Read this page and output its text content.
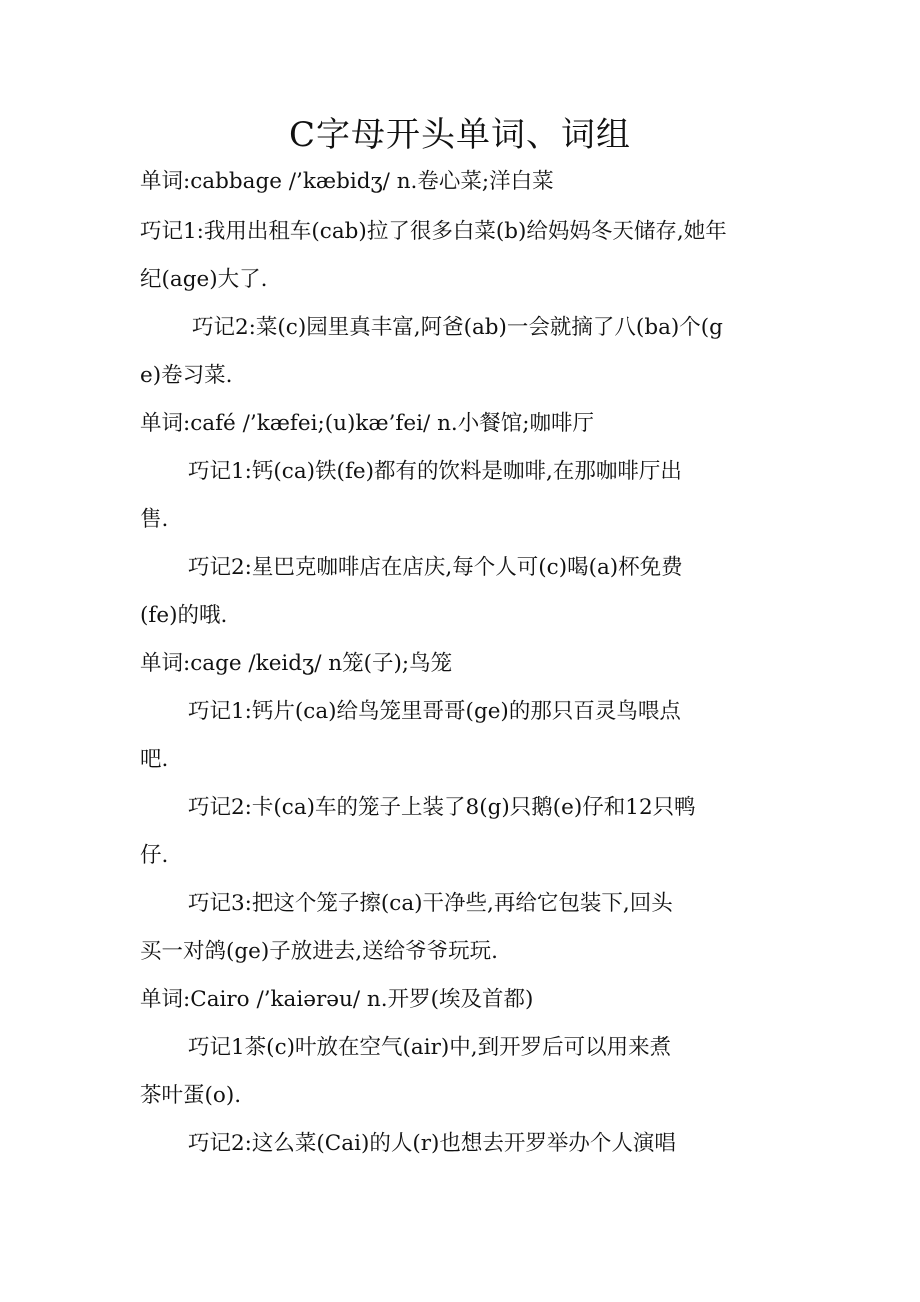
C字母开头单词、词组
单词:cabbage /’kæbidʒ/ n.卷心菜;洋白菜
巧记1:我用出租车(cab)拉了很多白菜(b)给妈妈冬天储存,她年
纪(age)大了.
巧记2:菜(c)园里真丰富,阿爸(ab)一会就摘了八(ba)个(g
e)卷习菜.
单词:café /’kæfei;(u)kæ’fei/ n.小餐馆;咖啡厅
巧记1:钙(ca)铁(fe)都有的饮料是咖啡,在那咖啡厅出
售.
巧记2:星巴克咖啡店在店庆,每个人可(c)喝(a)杯免费
(fe)的哦.
单词:cage /keidʒ/ n笼(子);鸟笼
巧记1:钙片(ca)给鸟笼里哥哥(ge)的那只百灵鸟喂点
吧.
巧记2:卡(ca)车的笼子上装了8(g)只鹅(e)仔和12只鸭
仔.
巧记3:把这个笼子擦(ca)干净些,再给它包装下,回头
买一对鸽(ge)子放进去,送给爷爷玩玩.
单词:Cairo /’kaiərəu/ n.开罗(埃及首都)
巧记1茶(c)叶放在空气(air)中,到开罗后可以用来煮
茶叶蛋(o).
巧记2:这么菜(Cai)的人(r)也想去开罗举办个人演唱
